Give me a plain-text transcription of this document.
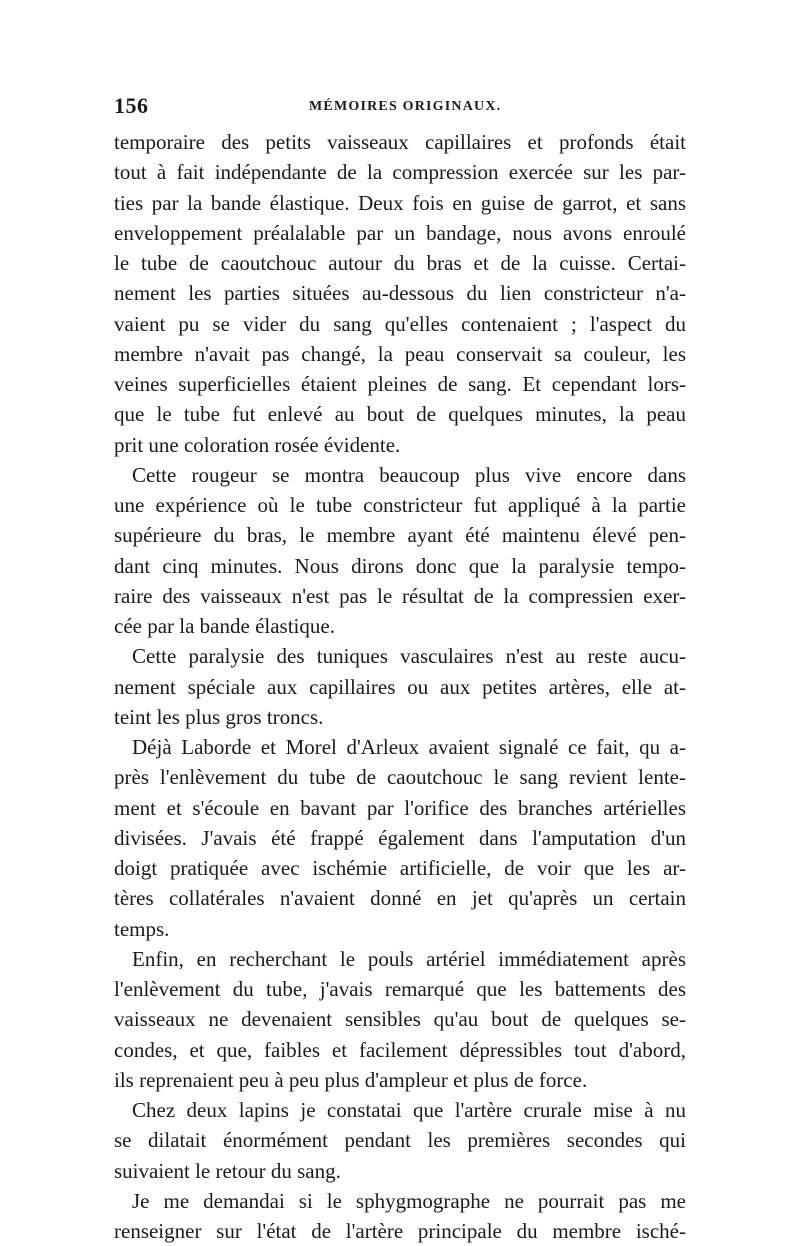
156	MÉMOIRES ORIGINAUX.
temporaire des petits vaisseaux capillaires et profonds était
tout à fait indépendante de la compression exercée sur les par-
ties par la bande élastique. Deux fois en guise de garrot, et sans
enveloppement préalalable par un bandage, nous avons enroulé
le tube de caoutchouc autour du bras et de la cuisse. Certai-
nement les parties situées au-dessous du lien constricteur n'a-
vaient pu se vider du sang qu'elles contenaient ; l'aspect du
membre n'avait pas changé, la peau conservait sa couleur, les
veines superficielles étaient pleines de sang. Et cependant lors-
que le tube fut enlevé au bout de quelques minutes, la peau
prit une coloration rosée évidente.
Cette rougeur se montra beaucoup plus vive encore dans
une expérience où le tube constricteur fut appliqué à la partie
supérieure du bras, le membre ayant été maintenu élevé pen-
dant cinq minutes. Nous dirons donc que la paralysie tempo-
raire des vaisseaux n'est pas le résultat de la compressien exer-
cée par la bande élastique.
Cette paralysie des tuniques vasculaires n'est au reste aucu-
nement spéciale aux capillaires ou aux petites artères, elle at-
teint les plus gros troncs.
Déjà Laborde et Morel d'Arleux avaient signalé ce fait, qu a-
près l'enlèvement du tube de caoutchouc le sang revient lente-
ment et s'écoule en bavant par l'orifice des branches artérielles
divisées. J'avais été frappé également dans l'amputation d'un
doigt pratiquée avec ischémie artificielle, de voir que les ar-
tères collatérales n'avaient donné en jet qu'après un certain
temps.
Enfin, en recherchant le pouls artériel immédiatement après
l'enlèvement du tube, j'avais remarqué que les battements des
vaisseaux ne devenaient sensibles qu'au bout de quelques se-
condes, et que, faibles et facilement dépressibles tout d'abord,
ils reprenaient peu à peu plus d'ampleur et plus de force.
Chez deux lapins je constatai que l'artère crurale mise à nu
se dilatait énormément pendant les premières secondes qui
suivaient le retour du sang.
Je me demandai si le sphygmographe ne pourrait pas me
renseigner sur l'état de l'artère principale du membre isché-
